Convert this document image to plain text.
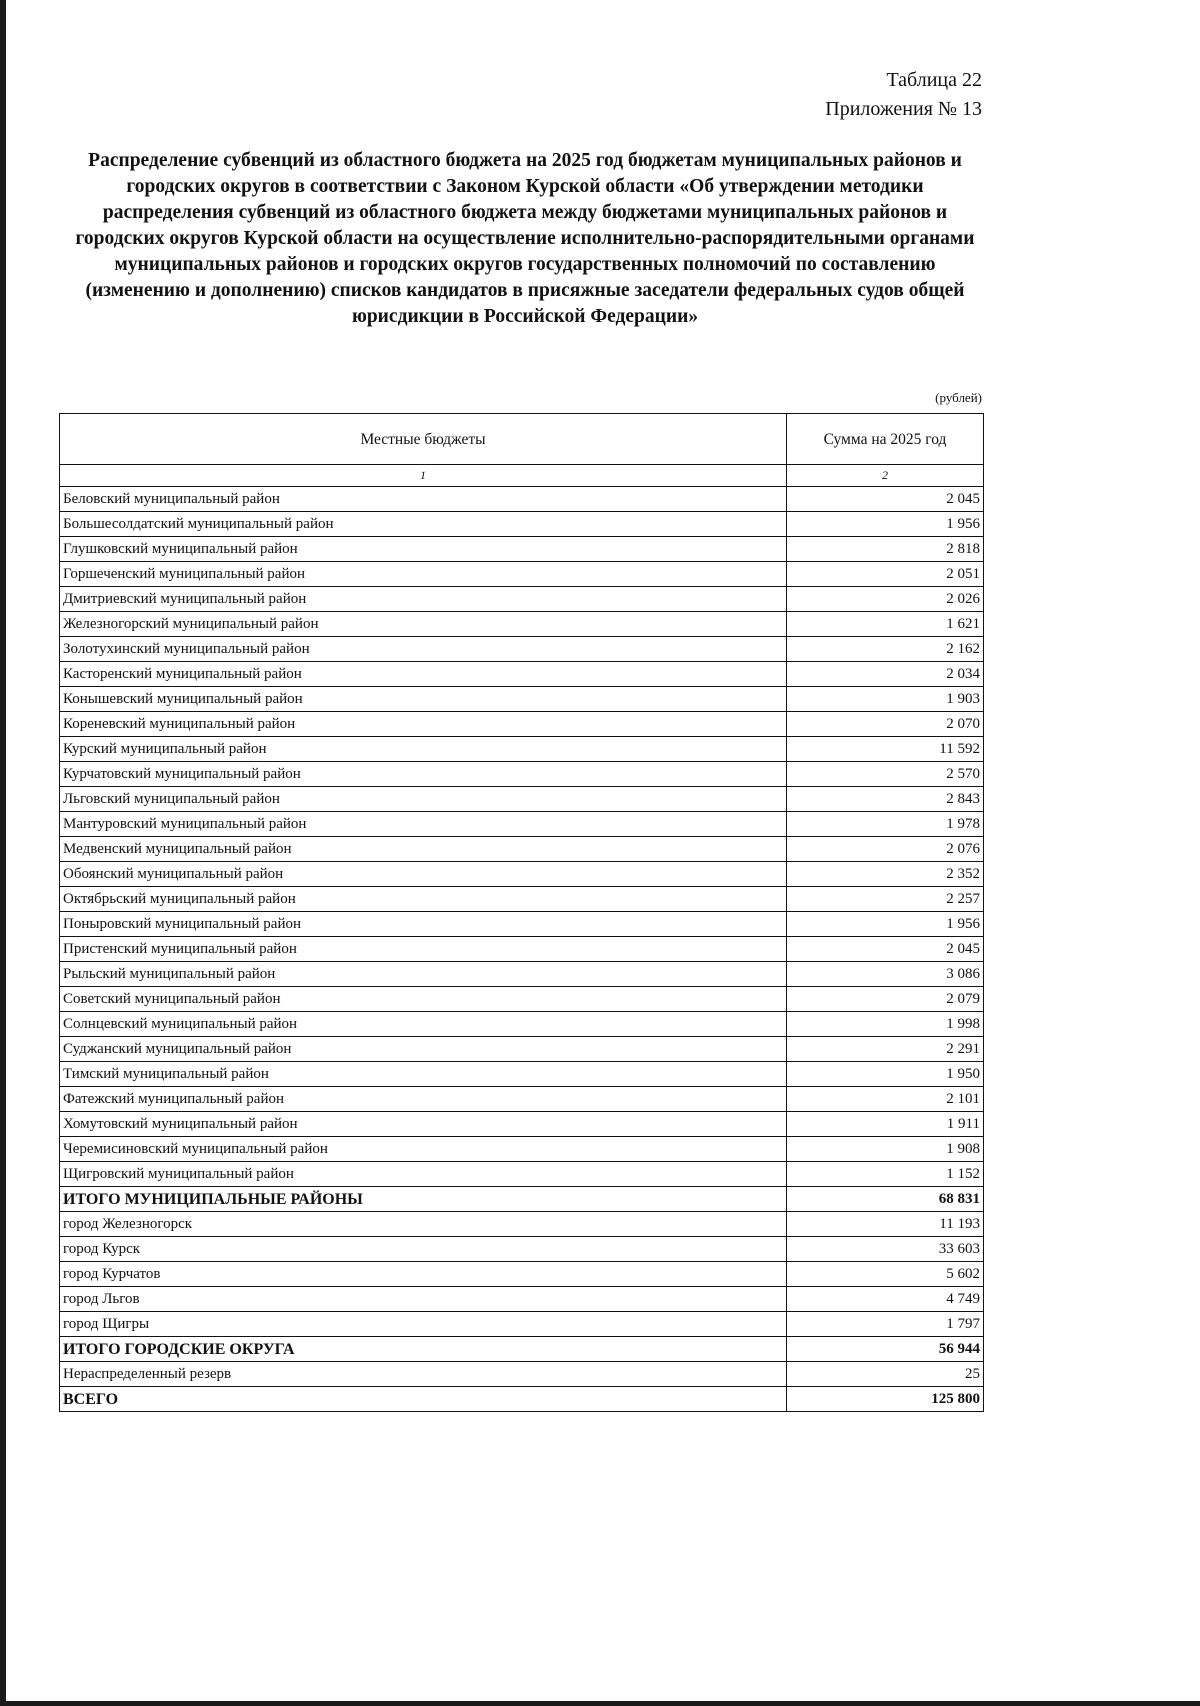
Таблица 22
Приложения № 13
Распределение субвенций из областного бюджета на 2025 год бюджетам муниципальных районов и городских округов в соответствии с Законом Курской области «Об утверждении методики распределения субвенций из областного бюджета между бюджетами муниципальных районов и городских округов Курской области на осуществление исполнительно-распорядительными органами муниципальных районов и городских округов государственных полномочий по составлению (изменению и дополнению) списков кандидатов в присяжные заседатели федеральных судов общей юрисдикции в Российской Федерации»
(рублей)
Местные бюджеты	Сумма на 2025 год
1	2
Беловский муниципальный район	2 045
Большесолдатский муниципальный район	1 956
Глушковский муниципальный район	2 818
Горшеченский муниципальный район	2 051
Дмитриевский муниципальный район	2 026
Железногорский муниципальный район	1 621
Золотухинский муниципальный район	2 162
Касторенский муниципальный район	2 034
Конышевский муниципальный район	1 903
Кореневский муниципальный район	2 070
Курский муниципальный район	11 592
Курчатовский муниципальный район	2 570
Льговский муниципальный район	2 843
Мантуровский муниципальный район	1 978
Медвенский муниципальный район	2 076
Обоянский муниципальный район	2 352
Октябрьский муниципальный район	2 257
Поныровский муниципальный район	1 956
Пристенский муниципальный район	2 045
Рыльский муниципальный район	3 086
Советский муниципальный район	2 079
Солнцевский муниципальный район	1 998
Суджанский муниципальный район	2 291
Тимский муниципальный район	1 950
Фатежский муниципальный район	2 101
Хомутовский муниципальный район	1 911
Черемисиновский муниципальный район	1 908
Щигровский муниципальный район	1 152
ИТОГО МУНИЦИПАЛЬНЫЕ РАЙОНЫ	68 831
город Железногорск	11 193
город Курск	33 603
город Курчатов	5 602
город Льгов	4 749
город Щигры	1 797
ИТОГО ГОРОДСКИЕ ОКРУГА	56 944
Нераспределенный резерв	25
ВСЕГО	125 800
